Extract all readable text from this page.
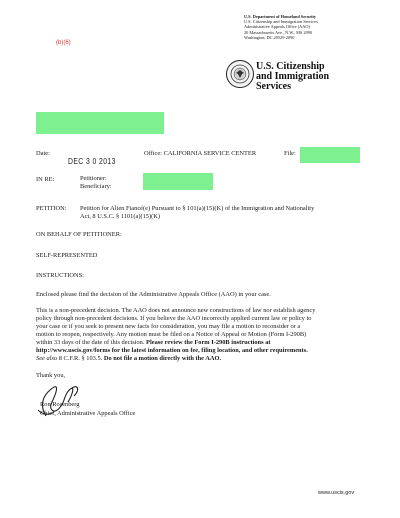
(b)(6)
U.S. Department of Homeland Security
U.S. Citizenship and Immigration Services
Administrative Appeals Office (AAO)
20 Massachusetts Ave., N.W., MS 2090
Washington, DC 20529-2090
U.S. Citizenship
and Immigration
Services
Date:
DEC 3 0 2013
Office: CALIFORNIA SERVICE CENTER	File:
IN RE:	Petitioner:
Beneficiary:
PETITION: Petition for Alien Fiancé(e) Pursuant to § 101(a)(15)(K) of the Immigration and Nationality
Act, 8 U.S.C. § 1101(a)(15)(K)
ON BEHALF OF PETITIONER:
SELF-REPRESENTED
INSTRUCTIONS:
Enclosed please find the decision of the Administrative Appeals Office (AAO) in your case.
This is a non-precedent decision. The AAO does not announce new constructions of law nor establish agency
policy through non-precedent decisions. If you believe the AAO incorrectly applied current law or policy to
your case or if you seek to present new facts for consideration, you may file a motion to reconsider or a
motion to reopen, respectively. Any motion must be filed on a Notice of Appeal or Motion (Form I-290B)
within 33 days of the date of this decision. Please review the Form I-290B instructions at
http://www.uscis.gov/forms for the latest information on fee, filing location, and other requirements.
See also 8 C.F.R. § 103.5. Do not file a motion directly with the AAO.
Thank you,
Ron Rosenberg
Chief, Administrative Appeals Office
www.uscis.gov
